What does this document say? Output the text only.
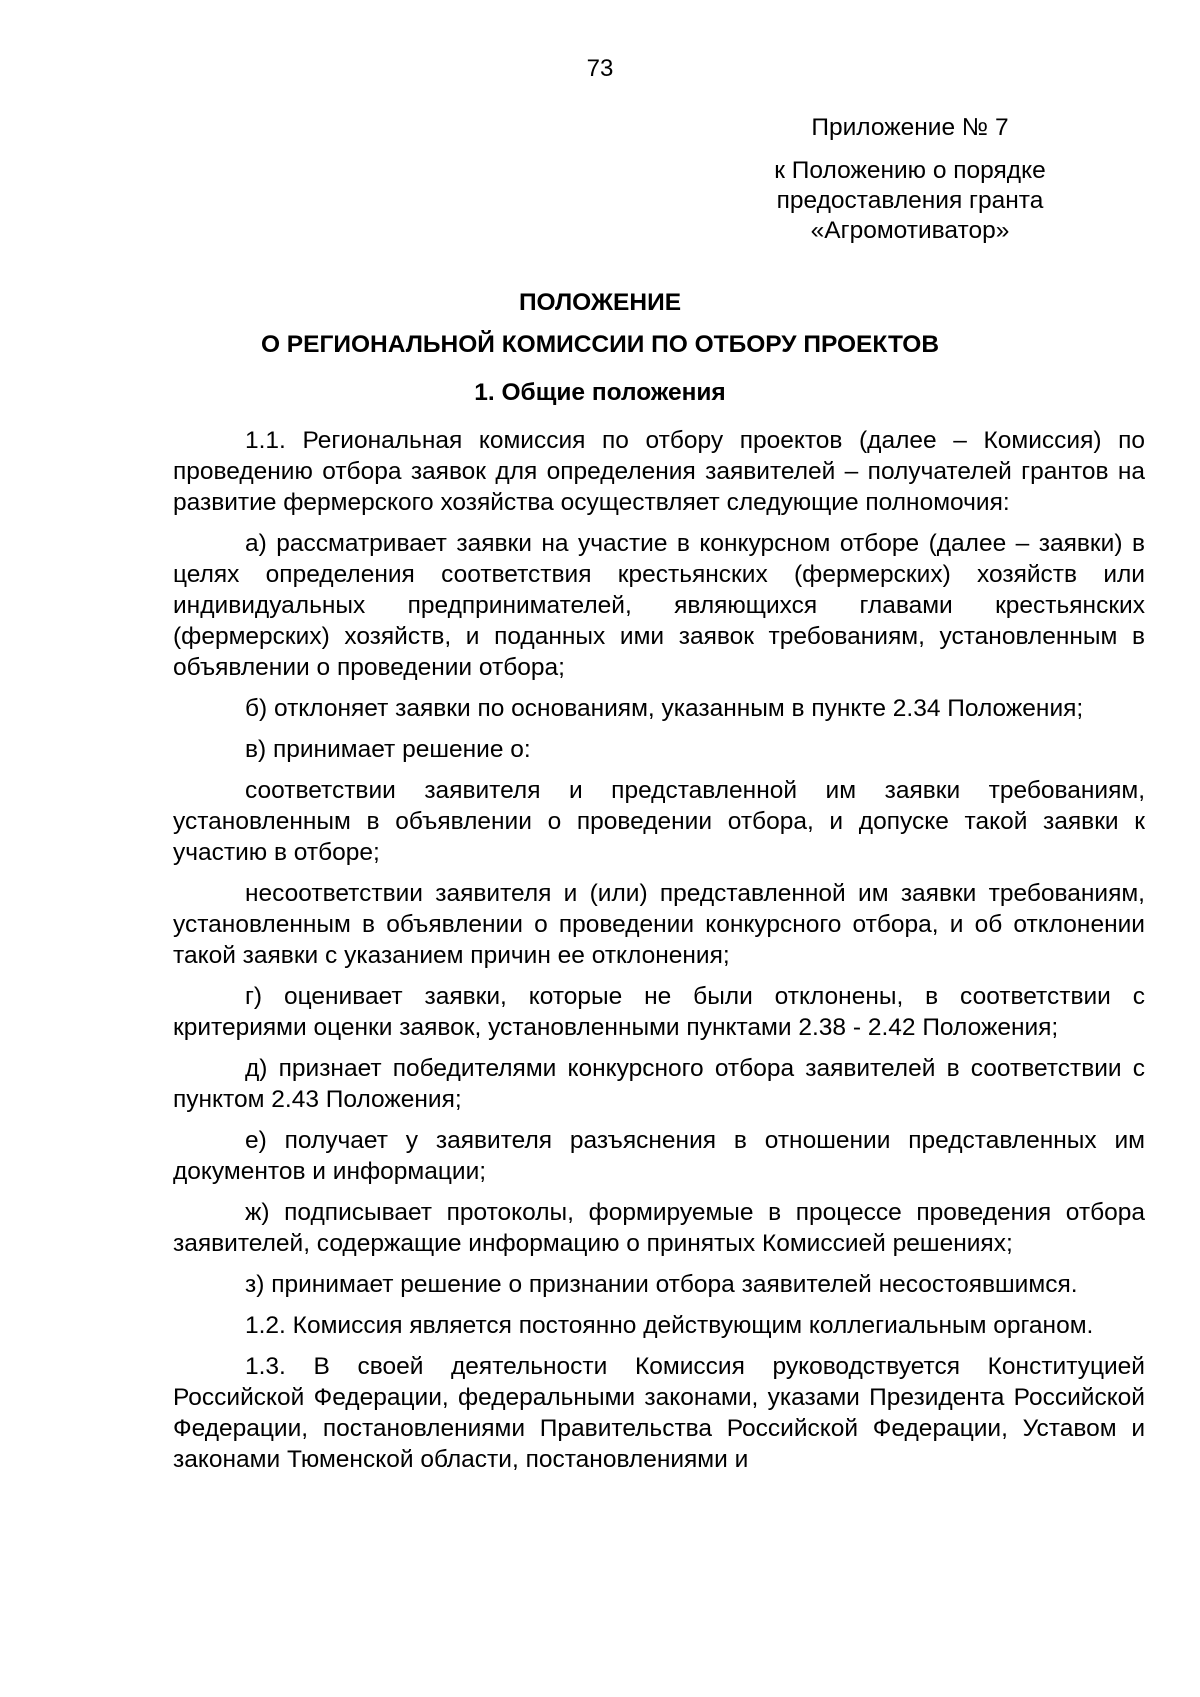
73
Приложение № 7
к Положению о порядке
предоставления гранта
«Агромотиватор»
ПОЛОЖЕНИЕ
О РЕГИОНАЛЬНОЙ КОМИССИИ ПО ОТБОРУ ПРОЕКТОВ
1. Общие положения

1.1. Региональная комиссия по отбору проектов (далее – Комиссия) по проведению отбора заявок для определения заявителей – получателей грантов на развитие фермерского хозяйства осуществляет следующие полномочия:

а) рассматривает заявки на участие в конкурсном отборе (далее – заявки) в целях определения соответствия крестьянских (фермерских) хозяйств или индивидуальных предпринимателей, являющихся главами крестьянских (фермерских) хозяйств, и поданных ими заявок требованиям, установленным в объявлении о проведении отбора;

б) отклоняет заявки по основаниям, указанным в пункте 2.34 Положения;

в) принимает решение о:

соответствии заявителя и представленной им заявки требованиям, установленным в объявлении о проведении отбора, и допуске такой заявки к участию в отборе;

несоответствии заявителя и (или) представленной им заявки требованиям, установленным в объявлении о проведении конкурсного отбора, и об отклонении такой заявки с указанием причин ее отклонения;

г) оценивает заявки, которые не были отклонены, в соответствии с критериями оценки заявок, установленными пунктами 2.38 - 2.42 Положения;

д) признает победителями конкурсного отбора заявителей в соответствии с пунктом 2.43 Положения;

е) получает у заявителя разъяснения в отношении представленных им документов и информации;

ж) подписывает протоколы, формируемые в процессе проведения отбора заявителей, содержащие информацию о принятых Комиссией решениях;

з) принимает решение о признании отбора заявителей несостоявшимся.

1.2. Комиссия является постоянно действующим коллегиальным органом.

1.3. В своей деятельности Комиссия руководствуется Конституцией Российской Федерации, федеральными законами, указами Президента Российской Федерации, постановлениями Правительства Российской Федерации, Уставом и законами Тюменской области, постановлениями и
